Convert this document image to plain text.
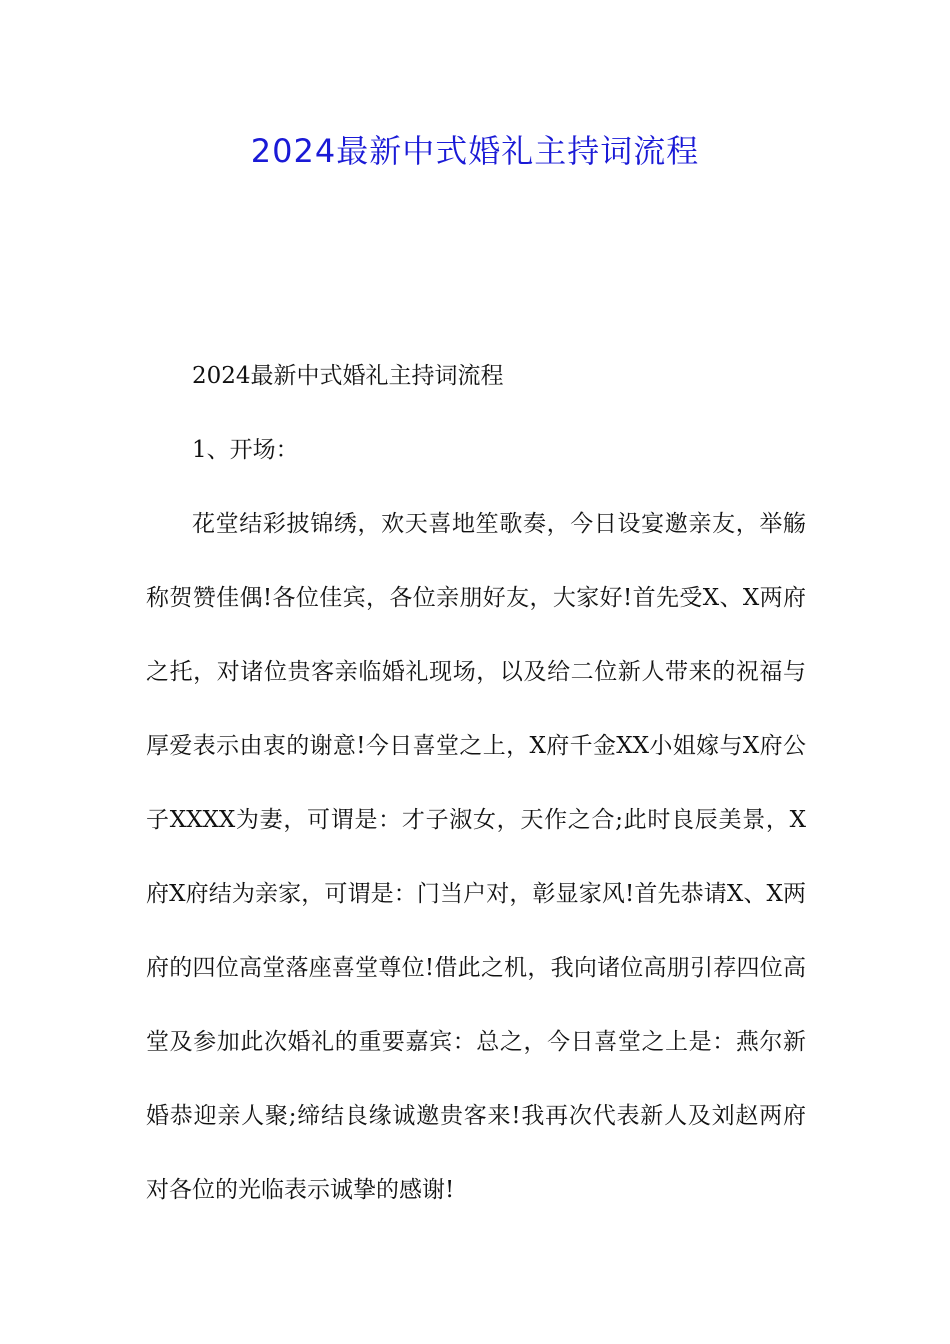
2024最新中式婚礼主持词流程

2024最新中式婚礼主持词流程

1、开场：

花堂结彩披锦绣，欢天喜地笙歌奏，今日设宴邀亲友，举觞称贺赞佳偶!各位佳宾，各位亲朋好友，大家好!首先受X、X两府之托，对诸位贵客亲临婚礼现场，以及给二位新人带来的祝福与厚爱表示由衷的谢意!今日喜堂之上，X府千金XX小姐嫁与X府公子XXXX为妻，可谓是：才子淑女，天作之合;此时良辰美景，X府X府结为亲家，可谓是：门当户对，彰显家风!首先恭请X、X两府的四位高堂落座喜堂尊位!借此之机，我向诸位高朋引荐四位高堂及参加此次婚礼的重要嘉宾：总之，今日喜堂之上是：燕尔新婚恭迎亲人聚;缔结良缘诚邀贵客来!我再次代表新人及刘赵两府对各位的光临表示诚挚的感谢!
